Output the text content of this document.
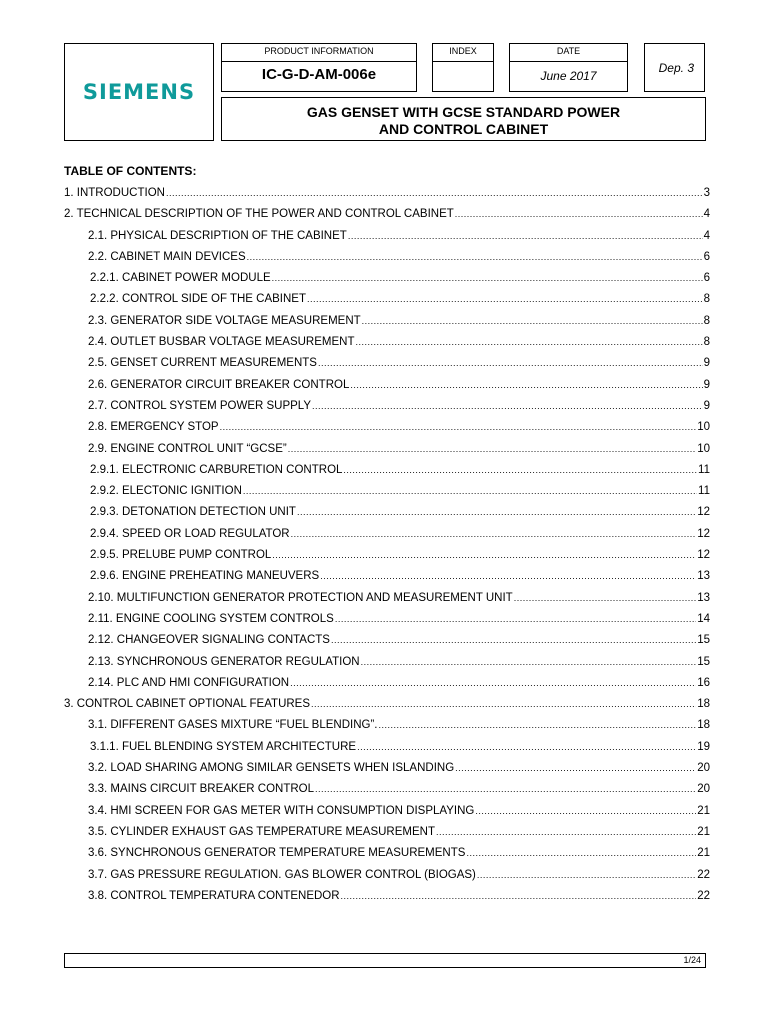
SIEMENS
PRODUCT INFORMATION
IC-G-D-AM-006e
INDEX	DATE
June 2017
Dep. 3
GAS GENSET WITH GCSE STANDARD POWER
AND CONTROL CABINET
TABLE OF CONTENTS:
1. INTRODUCTION .....	3
2. TECHNICAL DESCRIPTION OF THE POWER AND CONTROL CABINET .....	4
2.1. PHYSICAL DESCRIPTION OF THE CABINET .....	4
2.2. CABINET MAIN DEVICES .....	6
2.2.1. CABINET POWER MODULE .....	6
2.2.2. CONTROL SIDE OF THE CABINET .....	8
2.3. GENERATOR SIDE VOLTAGE MEASUREMENT .....	8
2.4. OUTLET BUSBAR VOLTAGE MEASUREMENT .....	8
2.5. GENSET CURRENT MEASUREMENTS .....	9
2.6. GENERATOR CIRCUIT BREAKER CONTROL .....	9
2.7. CONTROL SYSTEM POWER SUPPLY .....	9
2.8. EMERGENCY STOP .....	10
2.9. ENGINE CONTROL UNIT “GCSE” .....	10
2.9.1. ELECTRONIC CARBURETION CONTROL .....	11
2.9.2. ELECTONIC IGNITION .....	11
2.9.3. DETONATION DETECTION UNIT .....	12
2.9.4. SPEED OR LOAD REGULATOR .....	12
2.9.5. PRELUBE PUMP CONTROL .....	12
2.9.6. ENGINE PREHEATING MANEUVERS .....	13
2.10. MULTIFUNCTION GENERATOR PROTECTION AND MEASUREMENT UNIT .....	13
2.11. ENGINE COOLING SYSTEM CONTROLS .....	14
2.12. CHANGEOVER SIGNALING CONTACTS .....	15
2.13. SYNCHRONOUS GENERATOR REGULATION .....	15
2.14. PLC AND HMI CONFIGURATION .....	16
3. CONTROL CABINET OPTIONAL FEATURES .....	18
3.1. DIFFERENT GASES MIXTURE “FUEL BLENDING”. .....	18
3.1.1. FUEL BLENDING SYSTEM ARCHITECTURE .....	19
3.2. LOAD SHARING AMONG SIMILAR GENSETS WHEN ISLANDING .....	20
3.3. MAINS CIRCUIT BREAKER CONTROL .....	20
3.4. HMI SCREEN FOR GAS METER WITH CONSUMPTION DISPLAYING .....	21
3.5. CYLINDER EXHAUST GAS TEMPERATURE MEASUREMENT .....	21
3.6. SYNCHRONOUS GENERATOR TEMPERATURE MEASUREMENTS .....	21
3.7. GAS PRESSURE REGULATION. GAS BLOWER CONTROL (BIOGAS) .....	22
3.8. CONTROL TEMPERATURA CONTENEDOR .....	22
1/24
